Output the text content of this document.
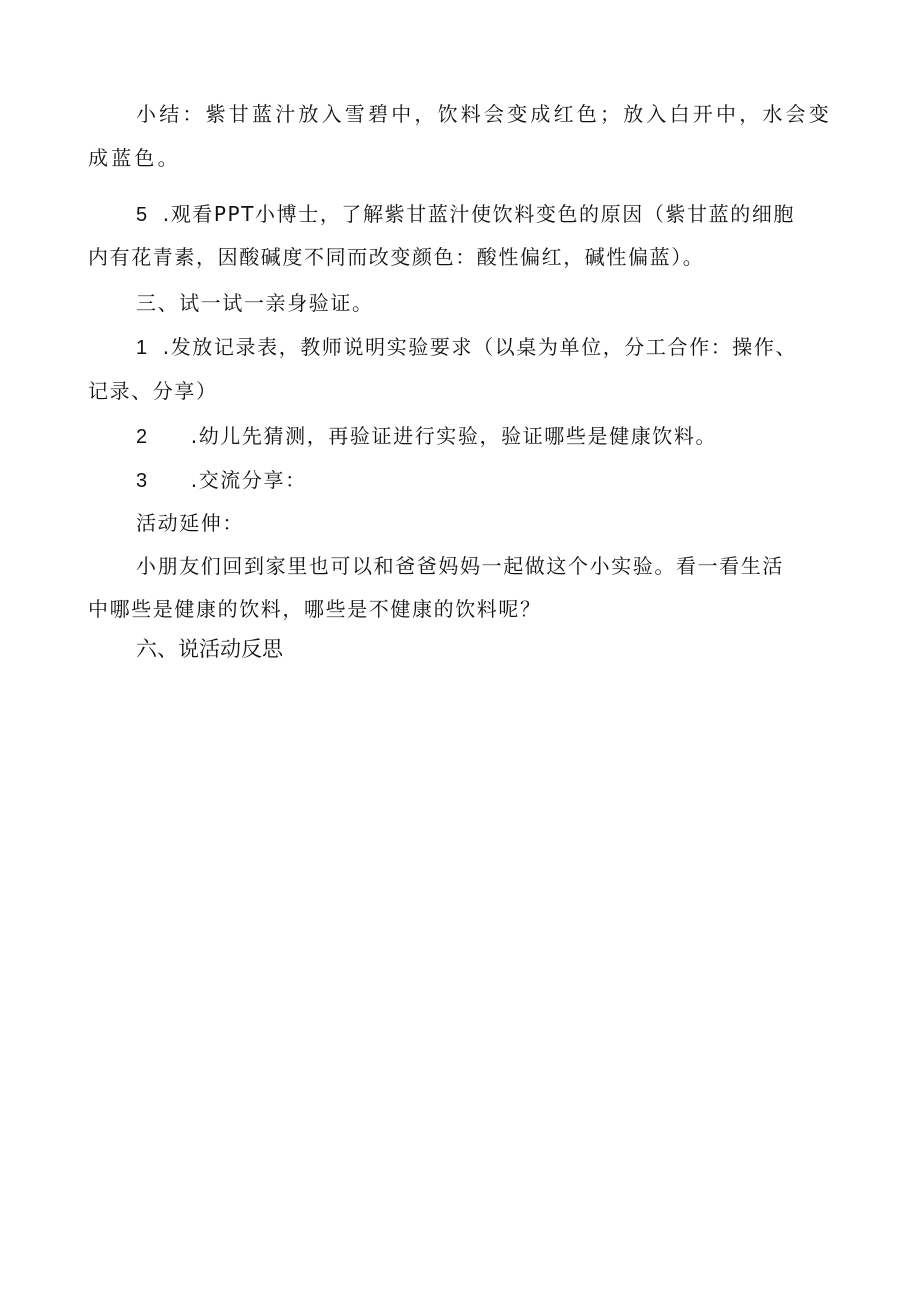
小结：紫甘蓝汁放入雪碧中，饮料会变成红色；放入白开中，水会变
成蓝色。
5 .观看PPT小博士，了解紫甘蓝汁使饮料变色的原因（紫甘蓝的细胞
内有花青素，因酸碱度不同而改变颜色：酸性偏红，碱性偏蓝）。
三、试一试一亲身验证。
1 .发放记录表，教师说明实验要求（以桌为单位，分工合作：操作、
记录、分享）
2 .幼儿先猜测，再验证进行实验，验证哪些是健康饮料。
3 .交流分享：
活动延伸：
小朋友们回到家里也可以和爸爸妈妈一起做这个小实验。看一看生活
中哪些是健康的饮料，哪些是不健康的饮料呢？
六、说活动反思
